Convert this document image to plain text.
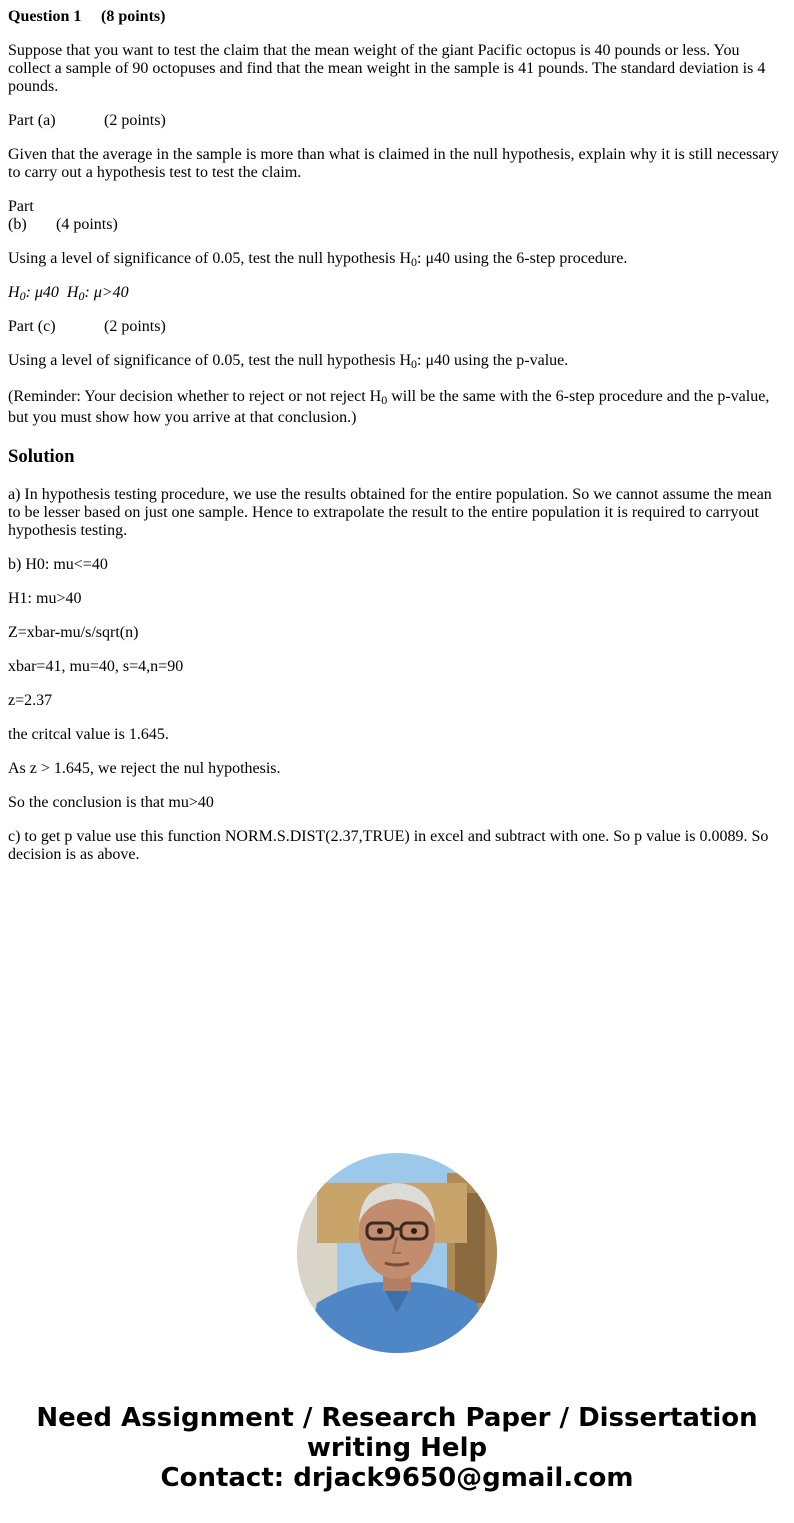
Question 1 (8 points)

Suppose that you want to test the claim that the mean weight of the giant Pacific octopus is 40 pounds or less. You collect a sample of 90 octopuses and find that the mean weight in the sample is 41 pounds. The standard deviation is 4 pounds.

Part (a)	(2 points)

Given that the average in the sample is more than what is claimed in the null hypothesis, explain why it is still necessary to carry out a hypothesis test to test the claim.

Part (b) (4 points)

Using a level of significance of 0.05, test the null hypothesis $H_0$: μ40 using the 6-step procedure.

$H_0$: μ40 $H_0$: μ>40

Part (c)	(2 points)

Using a level of significance of 0.05, test the null hypothesis $H_0$: μ40 using the p-value.

(Reminder: Your decision whether to reject or not reject $H_0$ will be the same with the 6-step procedure and the p-value, but you must show how you arrive at that conclusion.)

Solution

a) In hypothesis testing procedure, we use the results obtained for the entire population. So we cannot assume the mean to be lesser based on just one sample. Hence to extrapolate the result to the entire population it is required to carryout hypothesis testing.

b) H0: mu<=40

H1: mu>40

Z=xbar-mu/s/sqrt(n)

xbar=41, mu=40, s=4,n=90

z=2.37

the critcal value is 1.645.

As z > 1.645, we reject the nul hypothesis.

So the conclusion is that mu>40

c) to get p value use this function NORM.S.DIST(2.37,TRUE) in excel and subtract with one. So p value is 0.0089. So decision is as above.

Need Assignment / Research Paper / Dissertation
writing Help
Contact: drjack9650@gmail.com
